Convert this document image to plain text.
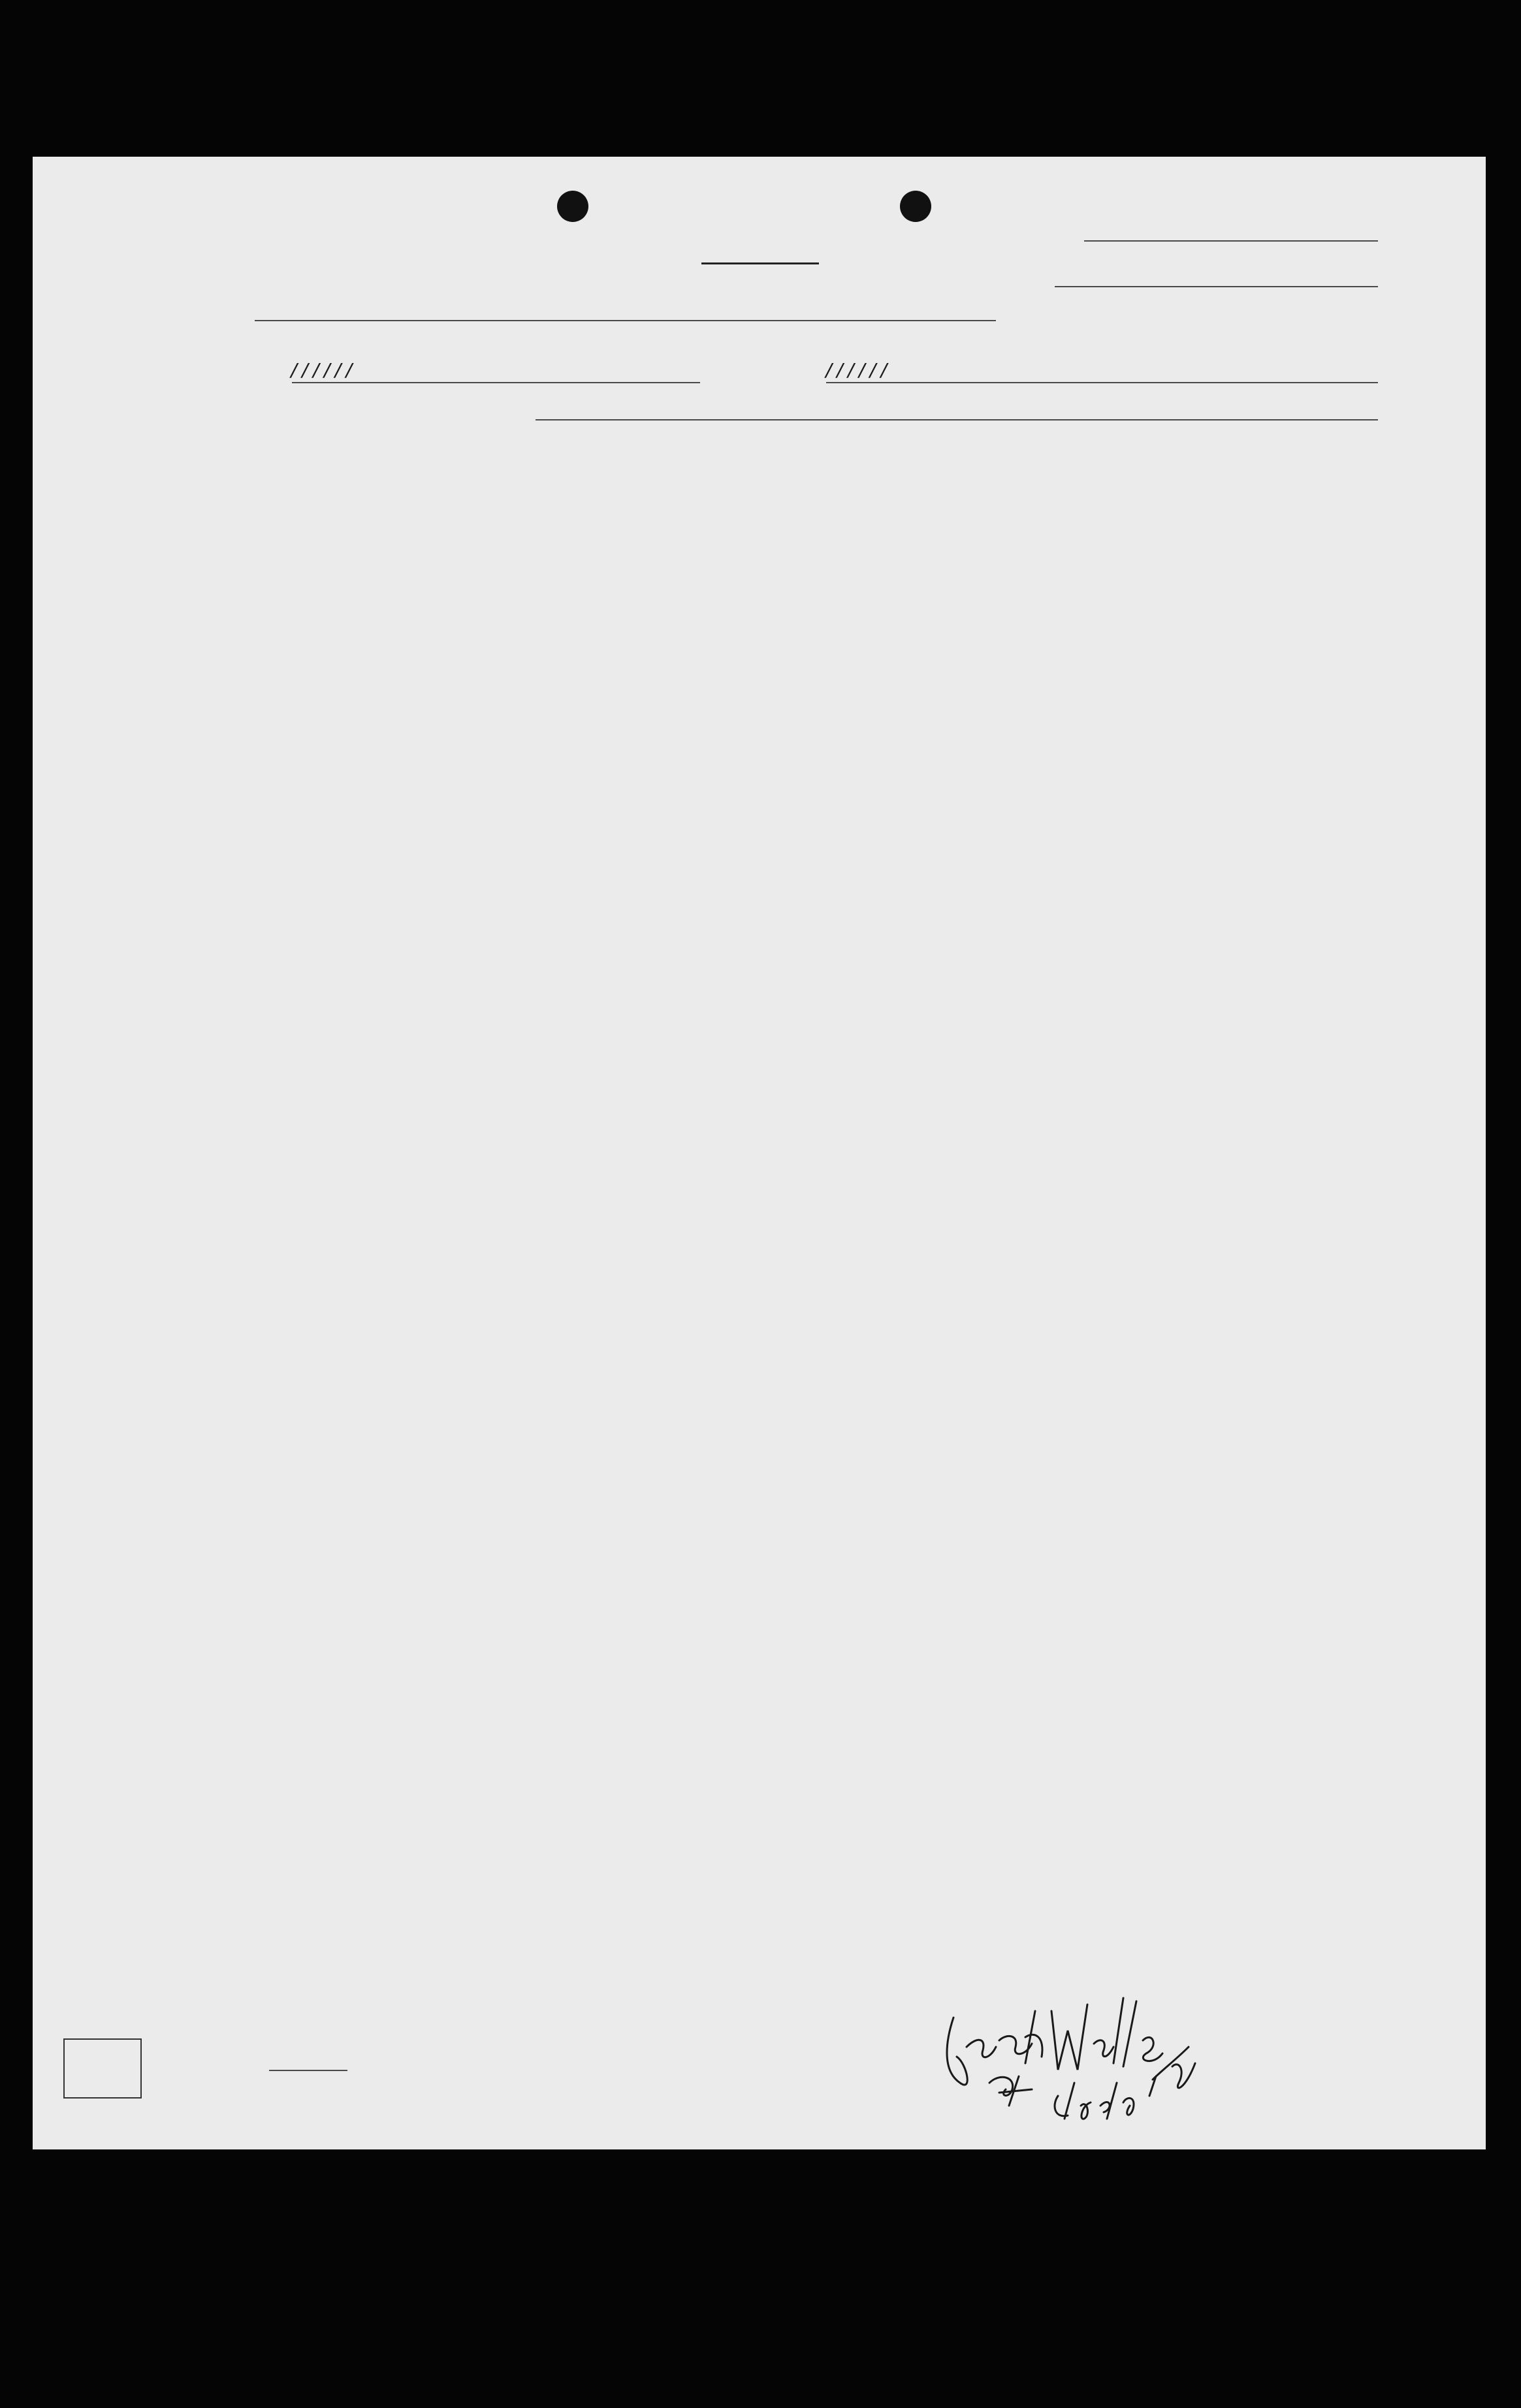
//////	//////
